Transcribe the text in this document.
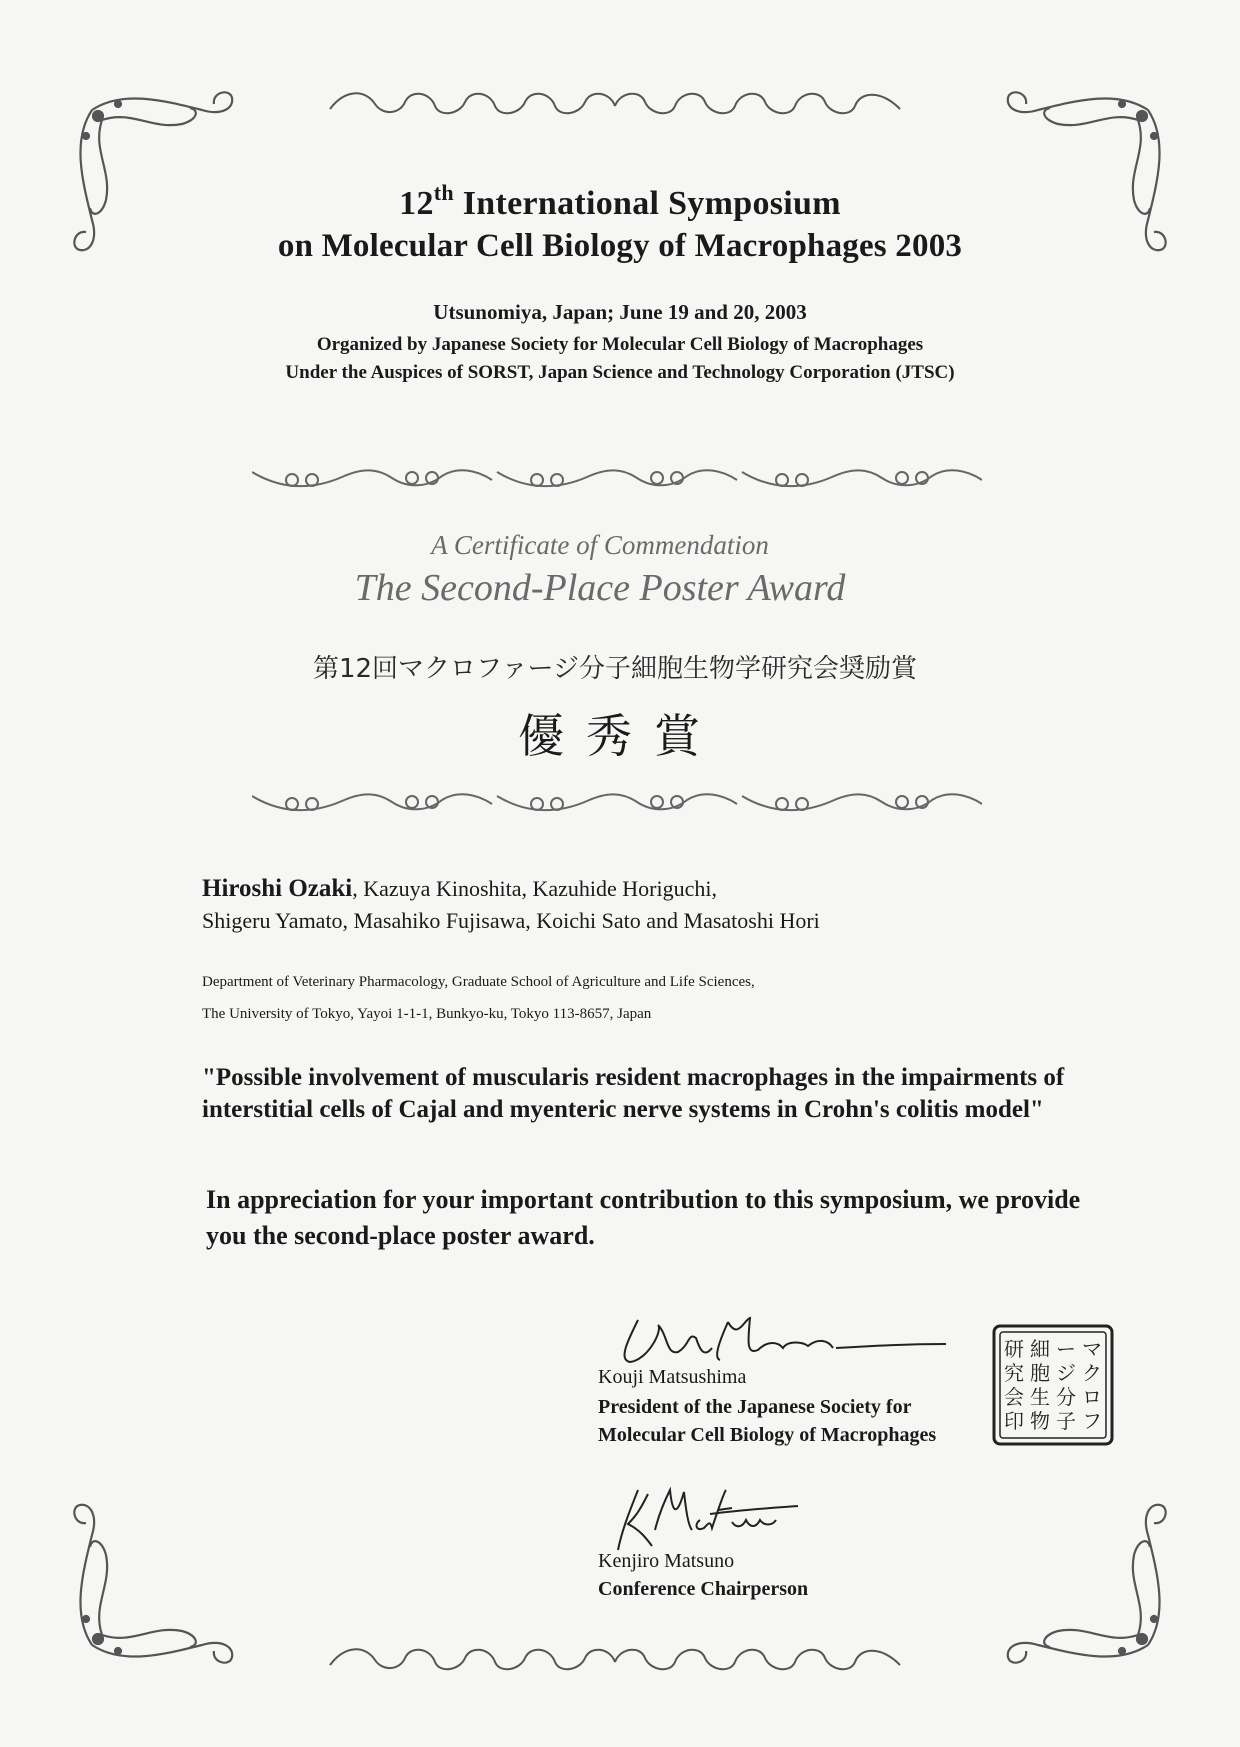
12th International Symposium
on Molecular Cell Biology of Macrophages 2003
Utsunomiya, Japan; June 19 and 20, 2003
Organized by Japanese Society for Molecular Cell Biology of Macrophages
Under the Auspices of SORST, Japan Science and Technology Corporation (JTSC)
A Certificate of Commendation
The Second-Place Poster Award
第12回マクロファージ分子細胞生物学研究会奨励賞
優秀賞
Hiroshi Ozaki, Kazuya Kinoshita, Kazuhide Horiguchi,
Shigeru Yamato, Masahiko Fujisawa, Koichi Sato and Masatoshi Hori
Department of Veterinary Pharmacology, Graduate School of Agriculture and Life Sciences,
The University of Tokyo, Yayoi 1-1-1, Bunkyo-ku, Tokyo 113-8657, Japan
"Possible involvement of muscularis resident macrophages in the impairments of interstitial cells of Cajal and myenteric nerve systems in Crohn's colitis model"
In appreciation for your important contribution to this symposium, we provide you the second-place poster award.
Kouji Matsushima
President of the Japanese Society for
Molecular Cell Biology of Macrophages
マ
ク
ロ
フ
ー
ジ
分
子
細
胞
生
物
研
究
会
印
Kenjiro Matsuno
Conference Chairperson
